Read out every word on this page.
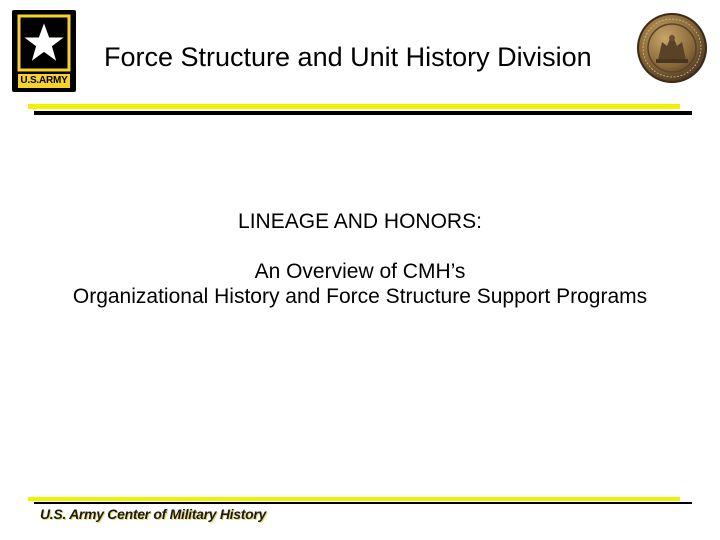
U.S.ARMY
Force Structure and Unit History Division
LINEAGE AND HONORS:
An Overview of CMH’s
Organizational History and Force Structure Support Programs
U.S. Army Center of Military History
